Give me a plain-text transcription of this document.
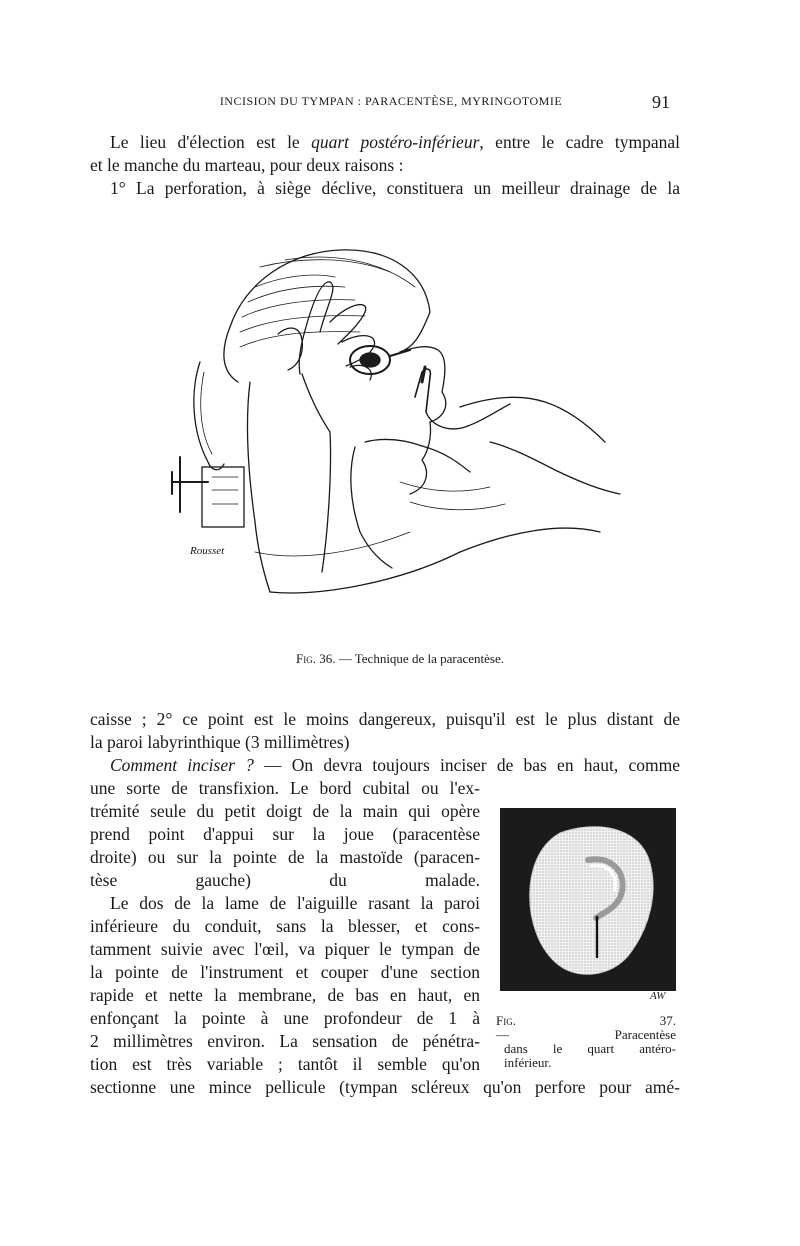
INCISION DU TYMPAN : PARACENTÈSE, MYRINGOTOMIE	91
Le lieu d'élection est le quart postéro-inférieur, entre le cadre tympanal
et le manche du marteau, pour deux raisons :
1° La perforation, à siège déclive, constituera un meilleur drainage de la
Rousset
Fig. 36. — Technique de la paracentèse.
caisse ; 2° ce point est le moins dangereux, puisqu'il est le plus distant de
la paroi labyrinthique (3 millimètres)
Comment inciser ? — On devra toujours inciser de bas en haut, comme
une sorte de transfixion. Le bord cubital ou l'ex-
trémité seule du petit doigt de la main qui opère
prend point d'appui sur la joue (paracentèse
droite) ou sur la pointe de la mastoïde (paracen-
tèse gauche) du malade.
Le dos de la lame de l'aiguille rasant la paroi
inférieure du conduit, sans la blesser, et cons-
tamment suivie avec l'œil, va piquer le tympan de
la pointe de l'instrument et couper d'une section
rapide et nette la membrane, de bas en haut, en
enfonçant la pointe à une profondeur de 1 à
2 millimètres environ. La sensation de pénétra-
tion est très variable ; tantôt il semble qu'on
sectionne une mince pellicule (tympan scléreux qu'on perfore pour amé-
AW
Fig. 37.
— Paracentèse
dans le quart antéro-
inférieur.
